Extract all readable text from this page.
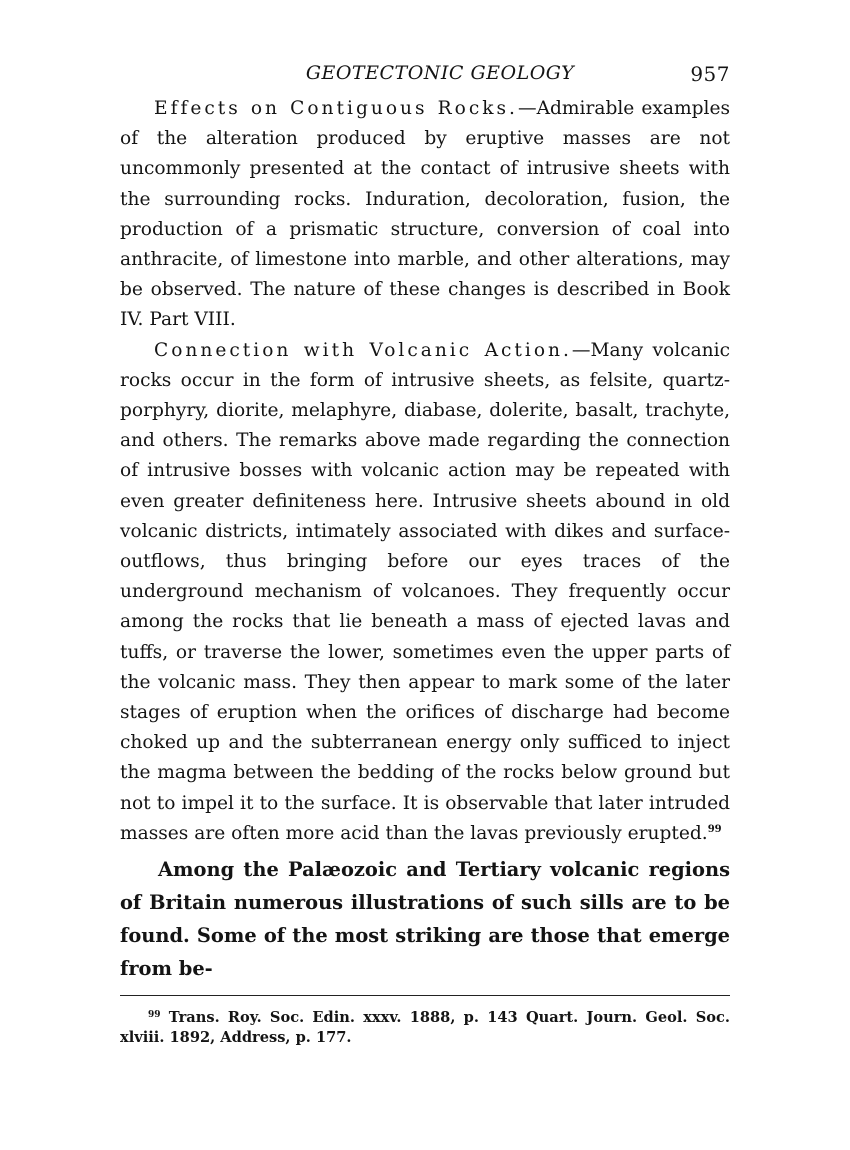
GEOTECTONIC GEOLOGY	957

Effects on Contiguous Rocks.—Admirable examples of the alteration produced by eruptive masses are not uncommonly presented at the contact of intrusive sheets with the surrounding rocks. Induration, decoloration, fusion, the production of a prismatic structure, conversion of coal into anthracite, of limestone into marble, and other alterations, may be observed. The nature of these changes is described in Book IV. Part VIII.

Connection with Volcanic Action.—Many volcanic rocks occur in the form of intrusive sheets, as felsite, quartz-porphyry, diorite, melaphyre, diabase, dolerite, basalt, trachyte, and others. The remarks above made regarding the connection of intrusive bosses with volcanic action may be repeated with even greater definiteness here. Intrusive sheets abound in old volcanic districts, intimately associated with dikes and surface-outflows, thus bringing before our eyes traces of the underground mechanism of volcanoes. They frequently occur among the rocks that lie beneath a mass of ejected lavas and tuffs, or traverse the lower, sometimes even the upper parts of the volcanic mass. They then appear to mark some of the later stages of eruption when the orifices of discharge had become choked up and the subterranean energy only sufficed to inject the magma between the bedding of the rocks below ground but not to impel it to the surface. It is observable that later intruded masses are often more acid than the lavas previously erupted.$^{99}$

Among the Palæozoic and Tertiary volcanic regions of Britain numerous illustrations of such sills are to be found. Some of the most striking are those that emerge from be-

$^{99}$ Trans. Roy. Soc. Edin. xxxv. 1888, p. 143 Quart. Journ. Geol. Soc. xlviii. 1892, Address, p. 177.
